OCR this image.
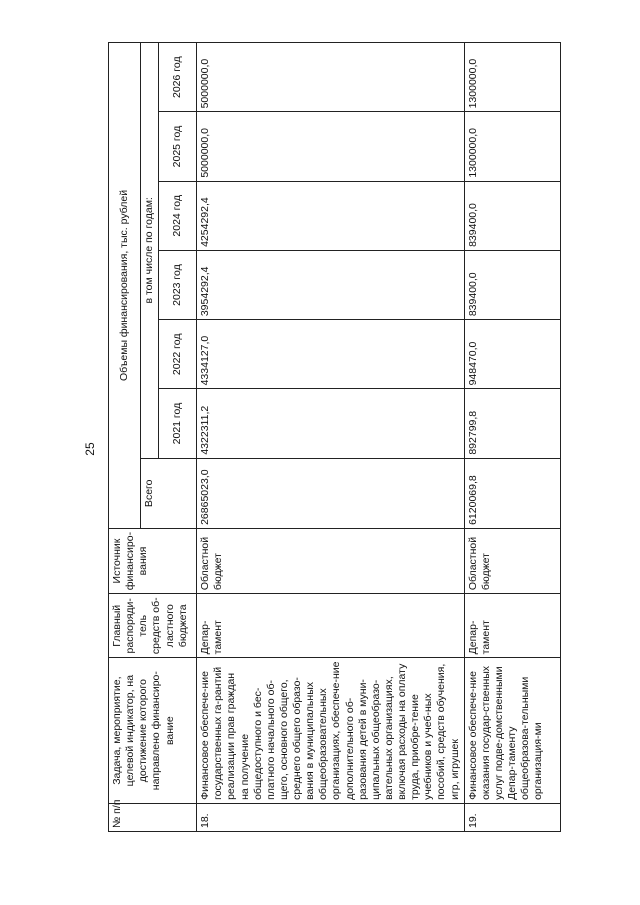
25
№ п/п	Задача, мероприятие, целевой индикатор, на достижение которого направлено финансиро-вание	Главный распоряди-тель средств об-ластного бюджета	Источник финансиро-вания	Объемы финансирования, тыс. рублей						
				Всего	в том числе по годам:					
					2021 год	2022 год	2023 год	2024 год	2025 год	2026 год
18.	Финансовое обеспече-ние государственных га-рантий реализации прав граждан на получение общедоступного и бес-платного начального об-щего, основного общего, среднего общего образо-вания в муниципальных общеобразовательных организациях, обеспече-ние дополнительного об-разования детей в муни-ципальных общеобразо-вательных организациях, включая расходы на оплату труда, приобре-тение учебников и учеб-ных пособий, средств обучения, игр, игрушек	Депар-тамент	Областной бюджет	26865023,0	4322311,2	4334127,0	3954292,4	4254292,4	5000000,0	5000000,0
19.	Финансовое обеспече-ние оказания государ-ственных услуг подве-домственными Депар-таменту общеобразова-тельными организация-ми	Депар-тамент	Областной бюджет	6120069,8	892799,8	948470,0	839400,0	839400,0	1300000,0	1300000,0
